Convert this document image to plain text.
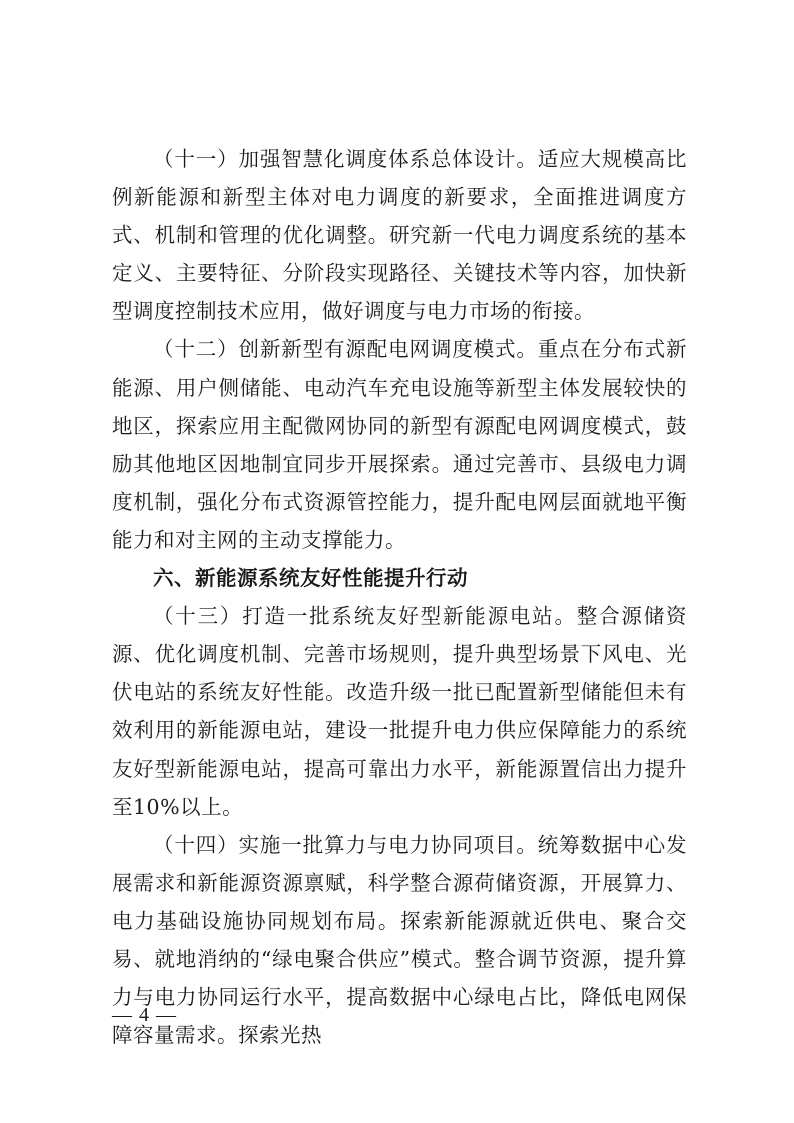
（十一）加强智慧化调度体系总体设计。适应大规模高比例新能源和新型主体对电力调度的新要求，全面推进调度方式、机制和管理的优化调整。研究新一代电力调度系统的基本定义、主要特征、分阶段实现路径、关键技术等内容，加快新型调度控制技术应用，做好调度与电力市场的衔接。

（十二）创新新型有源配电网调度模式。重点在分布式新能源、用户侧储能、电动汽车充电设施等新型主体发展较快的地区，探索应用主配微网协同的新型有源配电网调度模式，鼓励其他地区因地制宜同步开展探索。通过完善市、县级电力调度机制，强化分布式资源管控能力，提升配电网层面就地平衡能力和对主网的主动支撑能力。

六、新能源系统友好性能提升行动

（十三）打造一批系统友好型新能源电站。整合源储资源、优化调度机制、完善市场规则，提升典型场景下风电、光伏电站的系统友好性能。改造升级一批已配置新型储能但未有效利用的新能源电站，建设一批提升电力供应保障能力的系统友好型新能源电站，提高可靠出力水平，新能源置信出力提升至10%以上。

（十四）实施一批算力与电力协同项目。统筹数据中心发展需求和新能源资源禀赋，科学整合源荷储资源，开展算力、电力基础设施协同规划布局。探索新能源就近供电、聚合交易、就地消纳的“绿电聚合供应”模式。整合调节资源，提升算力与电力协同运行水平，提高数据中心绿电占比，降低电网保障容量需求。探索光热

— 4 —
